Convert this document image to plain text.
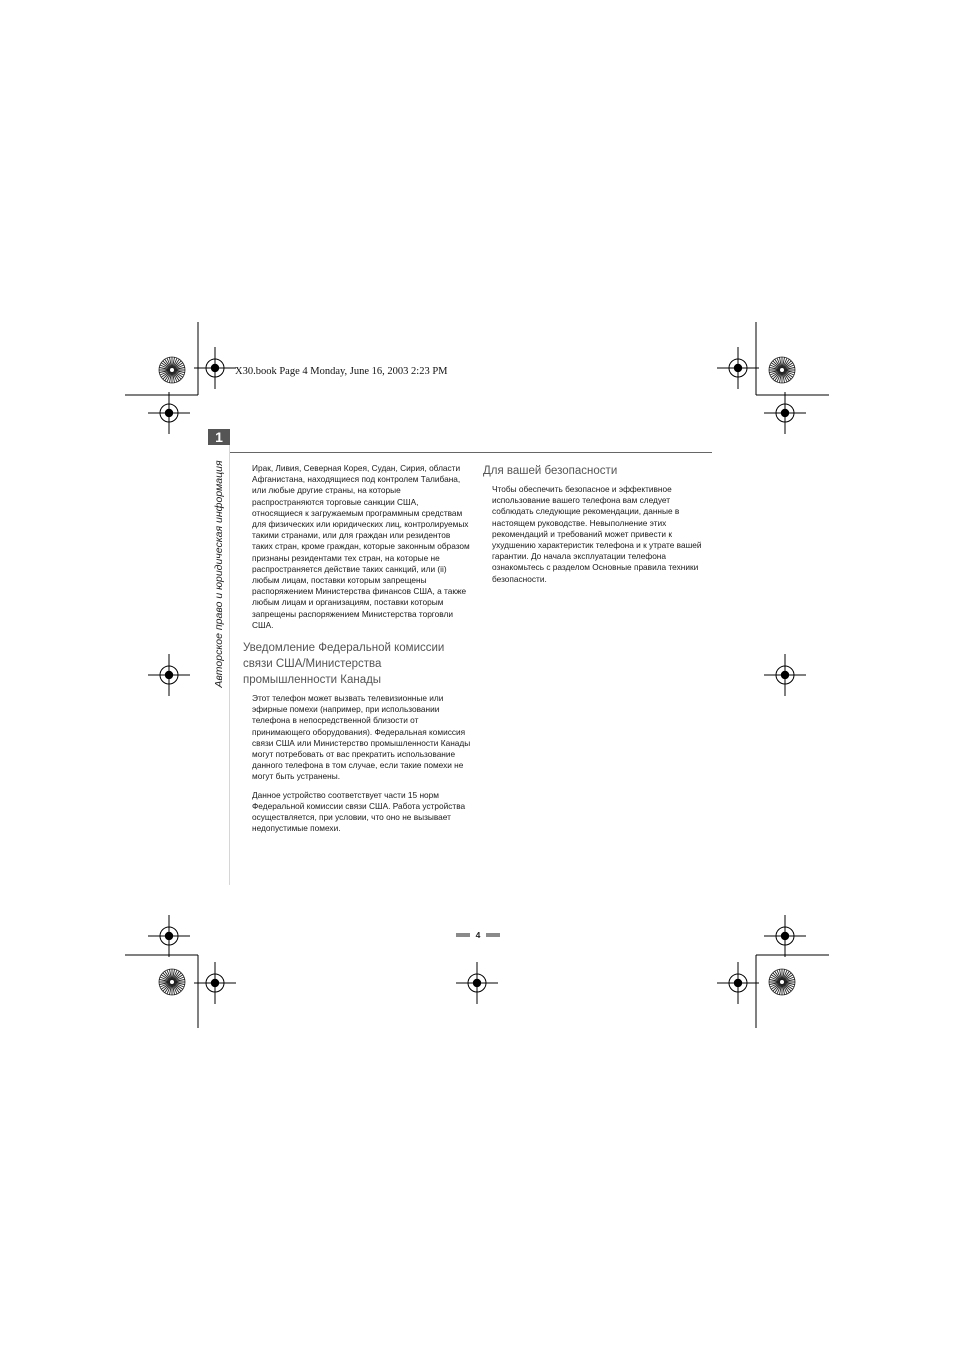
X30.book Page 4 Monday, June 16, 2003 2:23 PM
1
Авторское право и юридическая информация	Ирак, Ливия, Северная Корея, Судан, Сирия, области Афганистана, находящиеся под контролем Талибана, или любые другие страны, на которые распространяются торговые санкции США, относящиеся к загружаемым программным средствам для физических или юридических лиц, контролируемых такими странами, или для граждан или резидентов таких стран, кроме граждан, которые законным образом признаны резидентами тех стран, на которые не распространяется действие таких санкций, или (ii) любым лицам, поставки которым запрещены распоряжением Министерства финансов США, а также любым лицам и организациям, поставки которым запрещены распоряжением Министерства торговли США.

Уведомление Федеральной комиссии связи США/Министерства промышленности Канады

Этот телефон может вызвать телевизионные или эфирные помехи (например, при использовании телефона в непосредственной близости от принимающего оборудования). Федеральная комиссия связи США или Министерство промышленности Канады могут потребовать от вас прекратить использование данного телефона в том случае, если такие помехи не могут быть устранены.

Данное устройство соответствует части 15 норм Федеральной комиссии связи США. Работа устройства осуществляется, при условии, что оно не вызывает недопустимые помехи.

Для вашей безопасности

Чтобы обеспечить безопасное и эффективное использование вашего телефона вам следует соблюдать следующие рекомендации, данные в настоящем руководстве. Невыполнение этих рекомендаций и требований может привести к ухудшению характеристик телефона и к утрате вашей гарантии. До начала эксплуатации телефона ознакомьтесь с разделом Основные правила техники безопасности.

4
